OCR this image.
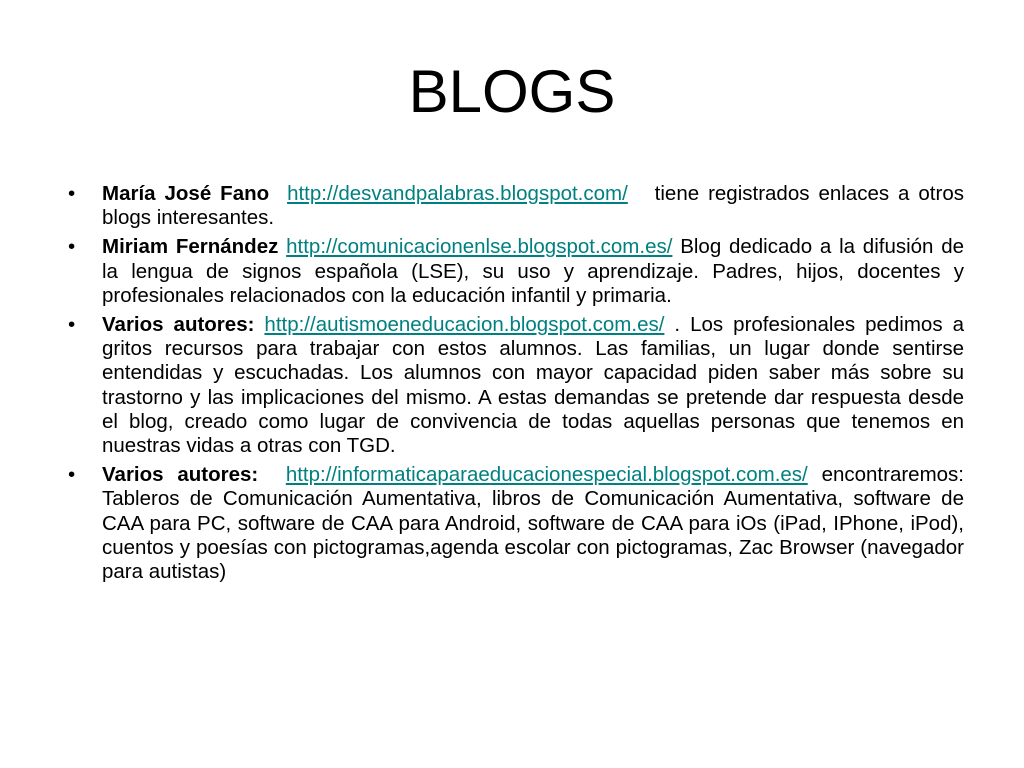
BLOGS
• María José Fano http://desvandpalabras.blogspot.com/ tiene registrados enlaces a otros blogs interesantes.
• Miriam Fernández http://comunicacionenlse.blogspot.com.es/ Blog dedicado a la difusión de la lengua de signos española (LSE), su uso y aprendizaje. Padres, hijos, docentes y profesionales relacionados con la educación infantil y primaria.
• Varios autores: http://autismoeneducacion.blogspot.com.es/ . Los profesionales pedimos a gritos recursos para trabajar con estos alumnos. Las familias, un lugar donde sentirse entendidas y escuchadas. Los alumnos con mayor capacidad piden saber más sobre su trastorno y las implicaciones del mismo. A estas demandas se pretende dar respuesta desde el blog, creado como lugar de convivencia de todas aquellas personas que tenemos en nuestras vidas a otras con TGD.
• Varios autores: http://informaticaparaeducacionespecial.blogspot.com.es/ encontraremos: Tableros de Comunicación Aumentativa, libros de Comunicación Aumentativa, software de CAA para PC, software de CAA para Android, software de CAA para iOs (iPad, IPhone, iPod), cuentos y poesías con pictogramas,agenda escolar con pictogramas, Zac Browser (navegador para autistas)
